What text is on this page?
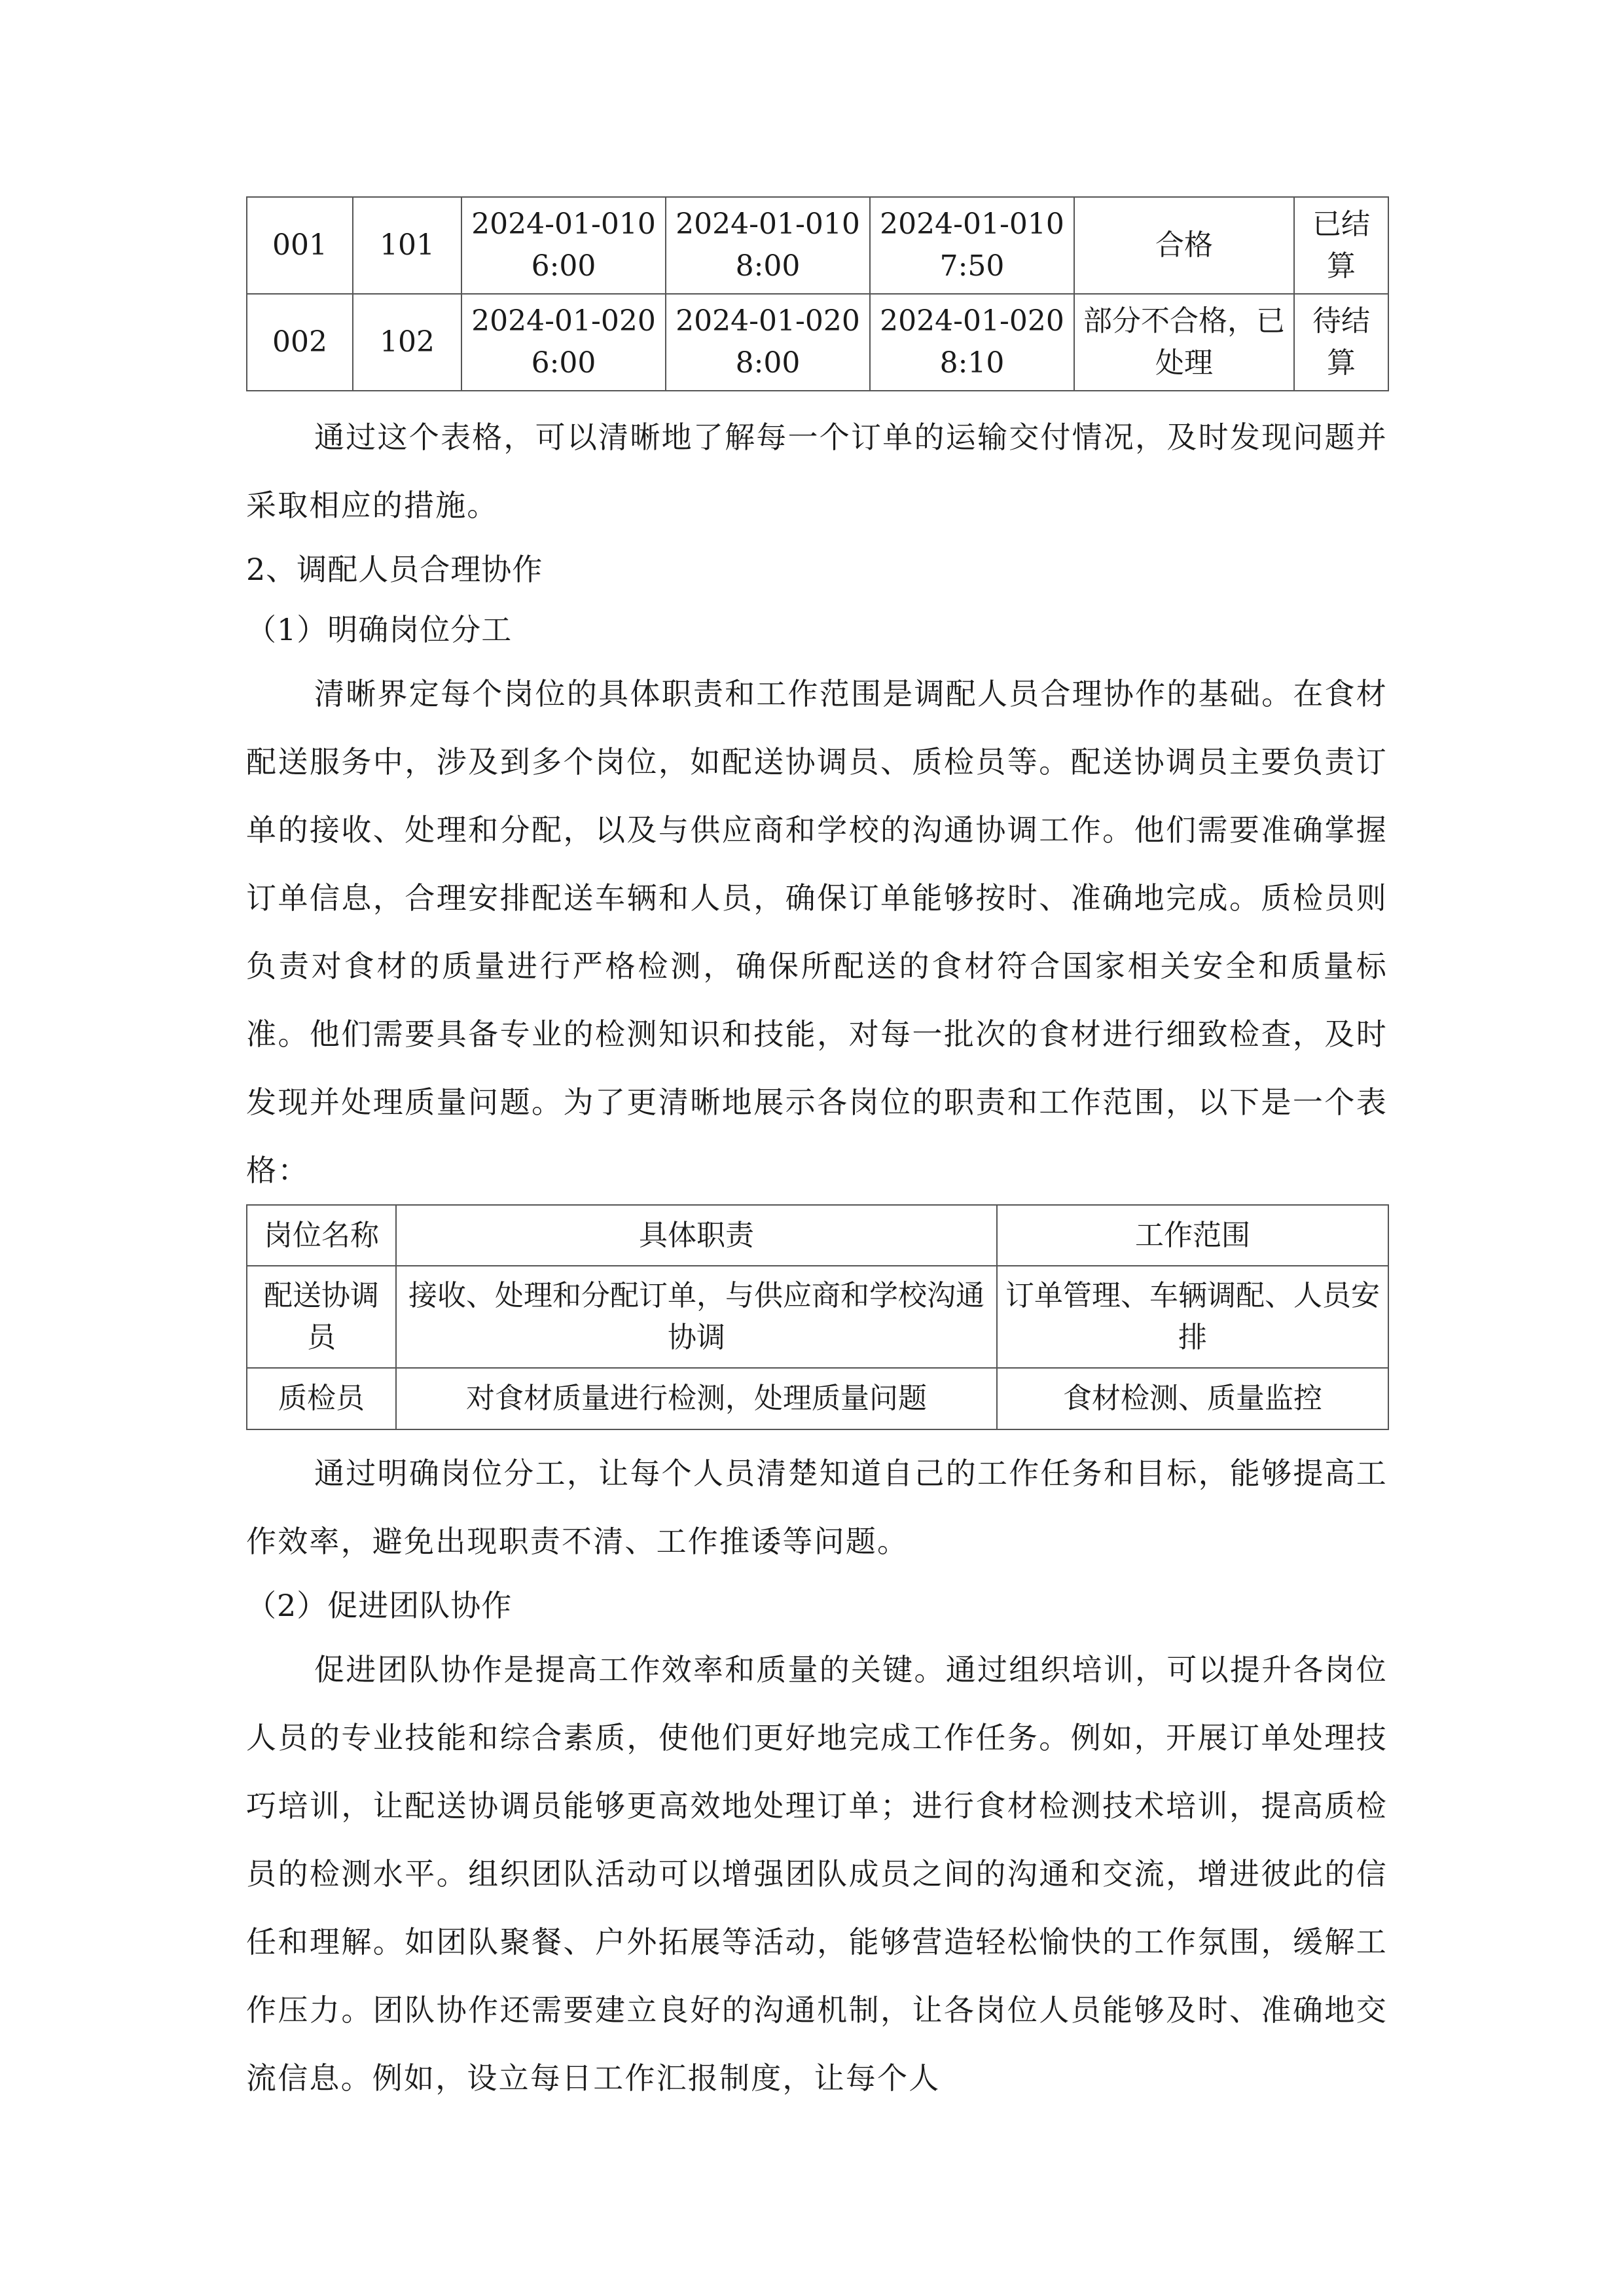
001	101	2024-01-0106:00	2024-01-0108:00	2024-01-0107:50	合格	已结算
002	102	2024-01-0206:00	2024-01-0208:00	2024-01-0208:10	部分不合格，已处理	待结算

通过这个表格，可以清晰地了解每一个订单的运输交付情况，及时发现问题并采取相应的措施。

2、调配人员合理协作

（1）明确岗位分工

清晰界定每个岗位的具体职责和工作范围是调配人员合理协作的基础。在食材配送服务中，涉及到多个岗位，如配送协调员、质检员等。配送协调员主要负责订单的接收、处理和分配，以及与供应商和学校的沟通协调工作。他们需要准确掌握订单信息，合理安排配送车辆和人员，确保订单能够按时、准确地完成。质检员则负责对食材的质量进行严格检测，确保所配送的食材符合国家相关安全和质量标准。他们需要具备专业的检测知识和技能，对每一批次的食材进行细致检查，及时发现并处理质量问题。为了更清晰地展示各岗位的职责和工作范围，以下是一个表格：

岗位名称	具体职责	工作范围
配送协调员	接收、处理和分配订单，与供应商和学校沟通协调	订单管理、车辆调配、人员安排
质检员	对食材质量进行检测，处理质量问题	食材检测、质量监控

通过明确岗位分工，让每个人员清楚知道自己的工作任务和目标，能够提高工作效率，避免出现职责不清、工作推诿等问题。

（2）促进团队协作

促进团队协作是提高工作效率和质量的关键。通过组织培训，可以提升各岗位人员的专业技能和综合素质，使他们更好地完成工作任务。例如，开展订单处理技巧培训，让配送协调员能够更高效地处理订单；进行食材检测技术培训，提高质检员的检测水平。组织团队活动可以增强团队成员之间的沟通和交流，增进彼此的信任和理解。如团队聚餐、户外拓展等活动，能够营造轻松愉快的工作氛围，缓解工作压力。团队协作还需要建立良好的沟通机制，让各岗位人员能够及时、准确地交流信息。例如，设立每日工作汇报制度，让每个人
